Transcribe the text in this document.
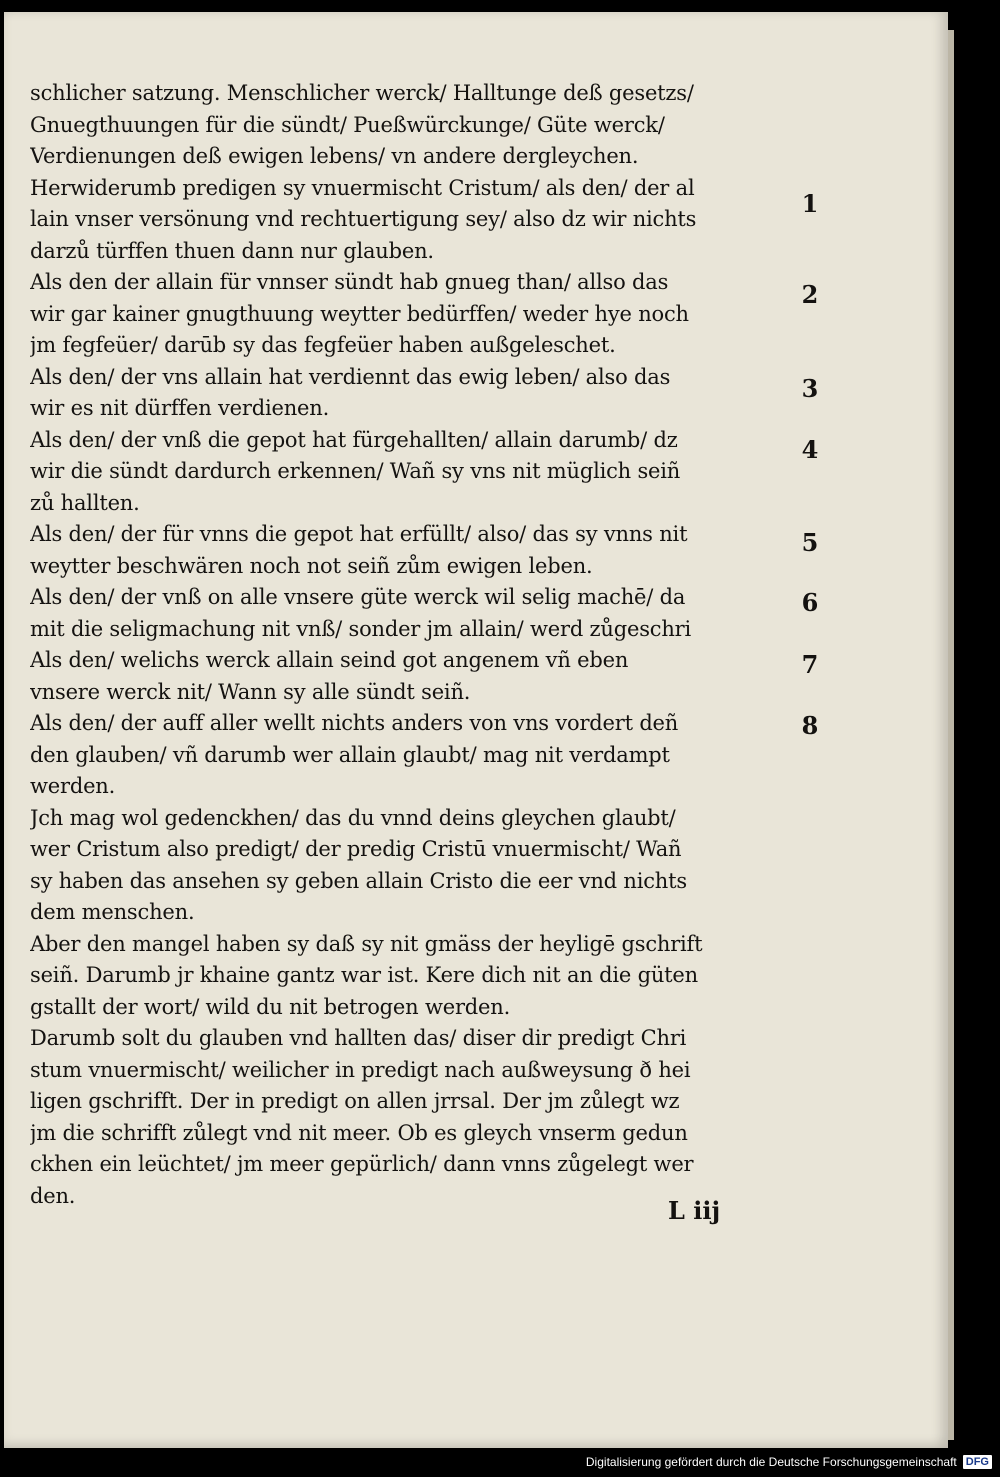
schlicher satzung. Menschlicher werck/ Halltunge deß gesetzs/
Gnuegthuungen für die sündt/ Pueßwürckunge/ Güte werck/
Verdienungen deß ewigen lebens/ vn andere dergleychen.
Herwiderumb predigen sy vnuermischt Cristum/ als den/ der al
lain vnser versönung vnd rechtuertigung sey/ also dz wir nichts
darzů türffen thuen dann nur glauben.
Als den der allain für vnnser sündt hab gnueg than/ allso das
wir gar kainer gnugthuung weytter bedürffen/ weder hye noch
jm fegfeüer/ darūb sy das fegfeüer haben außgeleschet.
Als den/ der vns allain hat verdiennt das ewig leben/ also das
wir es nit dürffen verdienen.
Als den/ der vnß die gepot hat fürgehallten/ allain darumb/ dz
wir die sündt dardurch erkennen/ Wañ sy vns nit müglich seiñ
zů hallten.
Als den/ der für vnns die gepot hat erfüllt/ also/ das sy vnns nit
weytter beschwären noch not seiñ zům ewigen leben.
Als den/ der vnß on alle vnsere güte werck wil selig machē/ da
mit die seligmachung nit vnß/ sonder jm allain/ werd zůgeschri
Als den/ welichs werck allain seind got angenem vñ eben
vnsere werck nit/ Wann sy alle sündt seiñ.
Als den/ der auff aller wellt nichts anders von vns vordert deñ
den glauben/ vñ darumb wer allain glaubt/ mag nit verdampt
werden.
Jch mag wol gedenckhen/ das du vnnd deins gleychen glaubt/
wer Cristum also predigt/ der predig Cristū vnuermischt/ Wañ
sy haben das ansehen sy geben allain Cristo die eer vnd nichts
dem menschen.
Aber den mangel haben sy daß sy nit gmäss der heyligē gschrift
seiñ. Darumb jr khaine gantz war ist. Kere dich nit an die güten
gstallt der wort/ wild du nit betrogen werden.
Darumb solt du glauben vnd hallten das/ diser dir predigt Chri
stum vnuermischt/ weilicher in predigt nach außweysung ð hei
ligen gschrifft. Der in predigt on allen jrrsal. Der jm zůlegt wz
jm die schrifft zůlegt vnd nit meer. Ob es gleych vnserm gedun
ckhen ein leüchtet/ jm meer gepürlich/ dann vnns zůgelegt wer
den.
1
2
3
4
5
6
7
8
L iij
Digitalisierung gefördert durch die Deutsche Forschungsgemeinschaft DFG
